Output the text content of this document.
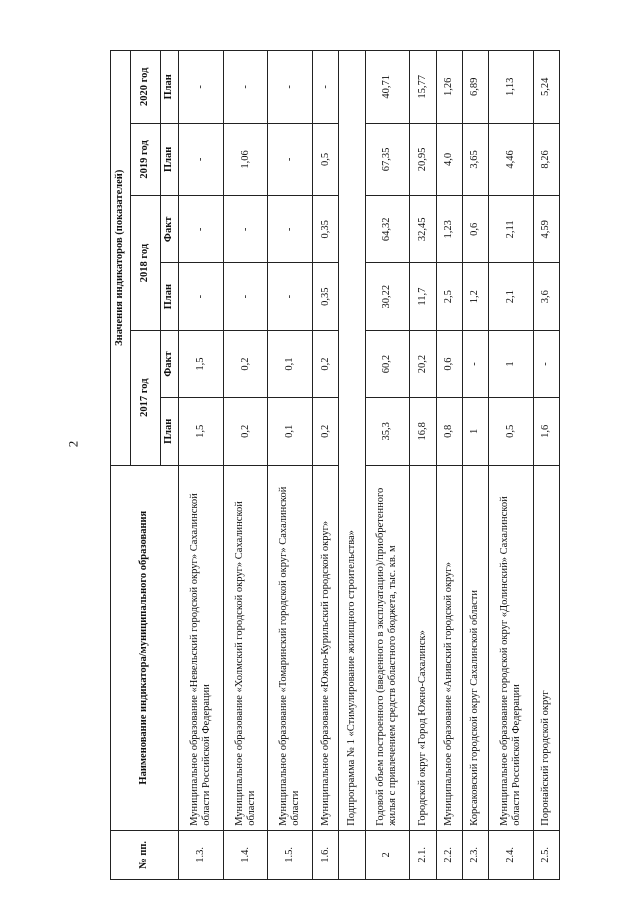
2
№ пп.	Наименование индикатора/муниципального образования	Значения индикаторов (показателей)					
		2017 год		2018 год		2019 год	2020 год
		План	Факт	План	Факт	План	План
1.3.	Муниципальное образование «Невельский городской округ» Сахалинской области Российской Федерации	1,5	1,5	-	-	-	-
1.4.	Муниципальное образование «Холмский городской округ» Сахалинской области	0,2	0,2	-	-	1,06	-
1.5.	Муниципальное образование «Томаринский городской округ» Сахалинской области	0,1	0,1	-	-	-	-
1.6.	Муниципальное образование «Южно-Курильский городской округ»	0,2	0,2	0,35	0,35	0,5	-
	Подпрограмма № 1 «Стимулирование жилищного строительства»						
2	Годовой объем построенного (введенного в эксплуатацию)/приобретенного жилья с привлечением средств областного бюджета, тыс. кв. м	35,3	60,2	30,22	64,32	67,35	40,71
2.1.	Городской округ «Город Южно-Сахалинск»	16,8	20,2	11,7	32,45	20,95	15,77
2.2.	Муниципальное образование «Анивский городской округ»	0,8	0,6	2,5	1,23	4,0	1,26
2.3.	Корсаковский городской округ Сахалинской области	1	-	1,2	0,6	3,65	6,89
2.4.	Муниципальное образование городской округ «Долинский» Сахалинской области Российской Федерации	0,5	1	2,1	2,11	4,46	1,13
2.5.	Поронайский городской округ	1,6	-	3,6	4,59	8,26	5,24
